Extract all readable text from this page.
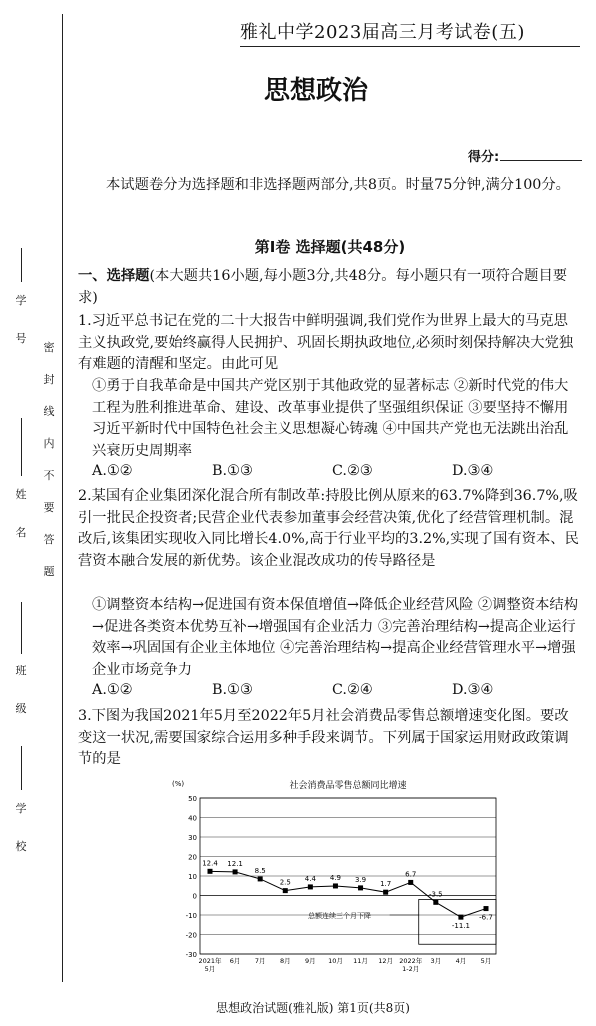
学
号
姓
名
班
级
学
校
密
封
线
内
不
要
答
题
雅礼中学2023届高三月考试卷(五)
思想政治
得分:
本试题卷分为选择题和非选择题两部分,共8页。时量75分钟,满分100分。
第Ⅰ卷 选择题(共48分)
一、选择题(本大题共16小题,每小题3分,共48分。每小题只有一项符合题目要求)
1.习近平总书记在党的二十大报告中鲜明强调,我们党作为世界上最大的马克思主义执政党,要始终赢得人民拥护、巩固长期执政地位,必须时刻保持解决大党独有难题的清醒和坚定。由此可见
①勇于自我革命是中国共产党区别于其他政党的显著标志 ②新时代党的伟大工程为胜利推进革命、建设、改革事业提供了坚强组织保证 ③要坚持不懈用习近平新时代中国特色社会主义思想凝心铸魂 ④中国共产党也无法跳出治乱兴衰历史周期率
A.①②	B.①③	C.②③	D.③④
2.某国有企业集团深化混合所有制改革:持股比例从原来的63.7%降到36.7%,吸引一批民企投资者;民营企业代表参加董事会经营决策,优化了经营管理机制。混改后,该集团实现收入同比增长4.0%,高于行业平均的3.2%,实现了国有资本、民营资本融合发展的新优势。该企业混改成功的传导路径是
①调整资本结构→促进国有资本保值增值→降低企业经营风险 ②调整资本结构→促进各类资本优势互补→增强国有企业活力 ③完善治理结构→提高企业运行效率→巩固国有企业主体地位 ④完善治理结构→提高企业经营管理水平→增强企业市场竞争力
A.①②	B.①③	C.②④	D.③④
3.下图为我国2021年5月至2022年5月社会消费品零售总额增速变化图。要改变这一状况,需要国家综合运用多种手段来调节。下列属于国家运用财政政策调节的是
社会消费品零售总额同比增速
(%)
50
40
30
20
10
0
-10
-20
-30
2021年
5月
6月 7月 8月 9月 10月 11月 12月 2022年
1-2月
3月 4月 5月
总额连续三个月下降
12.4 12.1
8.5
2.5 4.4 4.9 3.9
1.7
6.7
-3.5
-11.1
-6.7
思想政治试题(雅礼版) 第1页(共8页)
